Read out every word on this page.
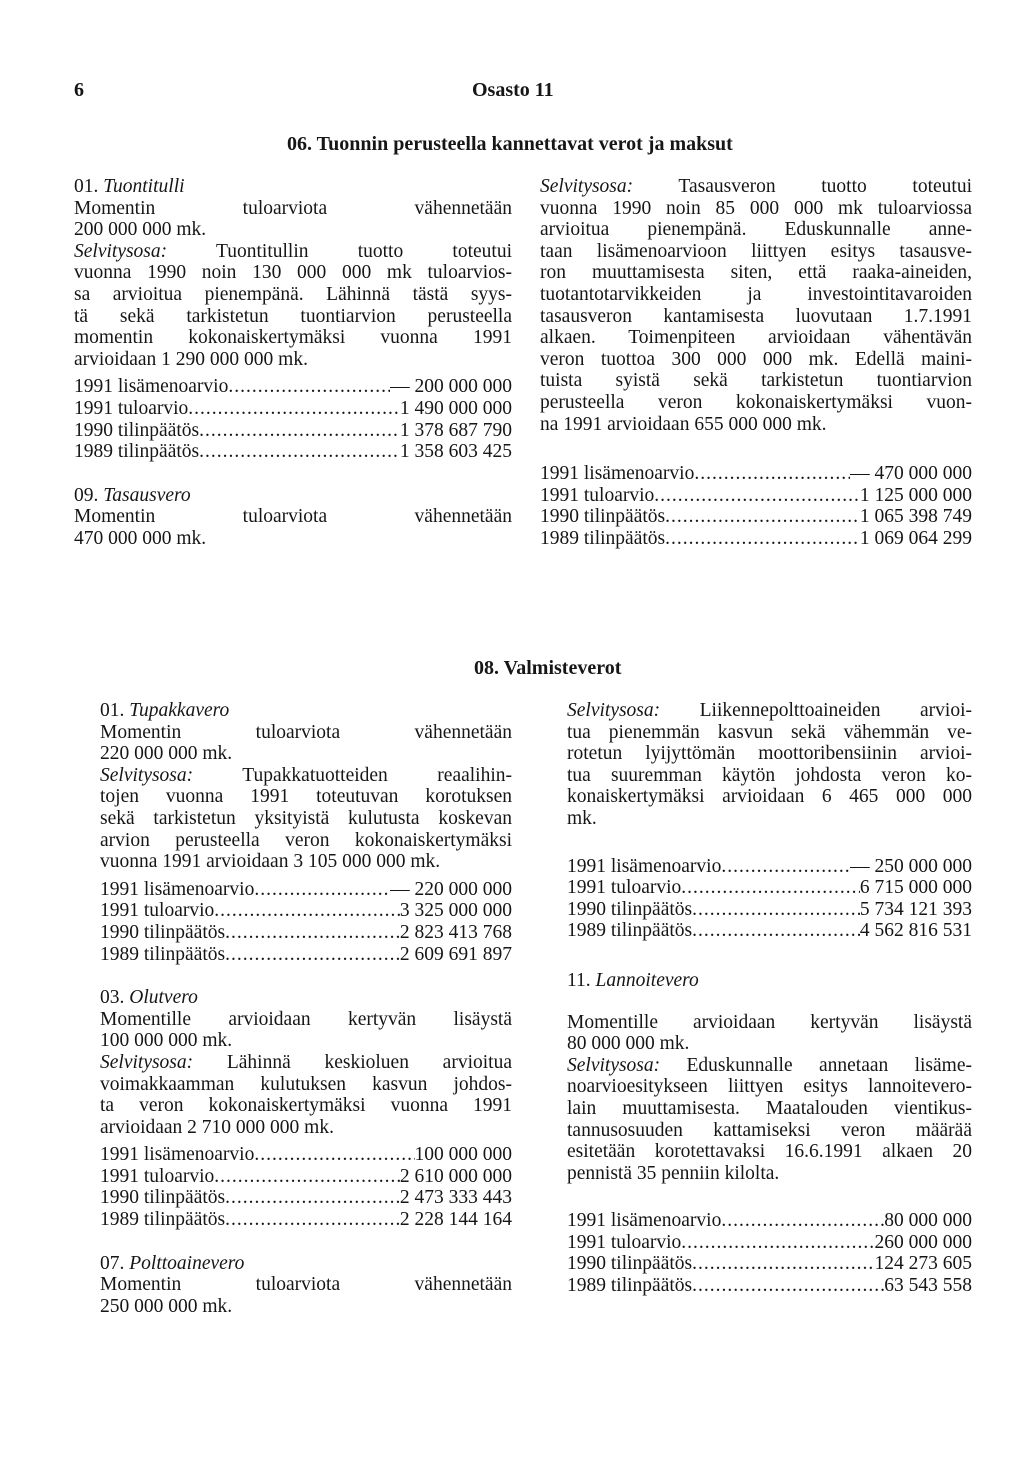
6	Osasto 11
06. Tuonnin perusteella kannettavat verot ja maksut

01. Tuontitulli

Momentin	tuloarviota	vähennetään

200 000 000 mk.

Selvitysosa: Tuontitullin tuotto toteutui

vuonna 1990 noin 130 000 000 mk tuloarvios-

sa arvioitua pienempänä. Lähinnä tästä syys-

tä sekä tarkistetun tuontiarvion perusteella

momentin kokonaiskertymäksi vuonna 1991

arvioidaan 1 290 000 000 mk.

1991 lisämenoarvio .....	— 200 000 000
1991 tuloarvio .....	1 490 000 000
1990 tilinpäätös .....	1 378 687 790
1989 tilinpäätös .....	1 358 603 425

09. Tasausvero

Momentin	tuloarviota	vähennetään

470 000 000 mk.

Selvitysosa: Tasausveron tuotto toteutui

vuonna 1990 noin 85 000 000 mk tuloarviossa

arvioitua pienempänä. Eduskunnalle anne-

taan lisämenoarvioon liittyen esitys tasausve-

ron muuttamisesta siten, että raaka-aineiden,

tuotantotarvikkeiden ja investointitavaroiden

tasausveron kantamisesta luovutaan 1.7.1991

alkaen. Toimenpiteen arvioidaan vähentävän

veron tuottoa 300 000 000 mk. Edellä maini-

tuista syistä sekä tarkistetun tuontiarvion

perusteella veron kokonaiskertymäksi vuon-

na 1991 arvioidaan 655 000 000 mk.

1991 lisämenoarvio .....	— 470 000 000
1991 tuloarvio .....	1 125 000 000
1990 tilinpäätös .....	1 065 398 749
1989 tilinpäätös .....	1 069 064 299
08. Valmisteverot

01. Tupakkavero

Momentin	tuloarviota	vähennetään

220 000 000 mk.

Selvitysosa: Tupakkatuotteiden reaalihin-

tojen vuonna 1991 toteutuvan korotuksen

sekä tarkistetun yksityistä kulutusta koskevan

arvion perusteella veron kokonaiskertymäksi

vuonna 1991 arvioidaan 3 105 000 000 mk.

1991 lisämenoarvio .....	— 220 000 000
1991 tuloarvio .....	3 325 000 000
1990 tilinpäätös .....	2 823 413 768
1989 tilinpäätös .....	2 609 691 897

03. Olutvero

Momentille arvioidaan kertyvän lisäystä

100 000 000 mk.

Selvitysosa: Lähinnä keskioluen arvioitua

voimakkaamman kulutuksen kasvun johdos-

ta veron kokonaiskertymäksi vuonna 1991

arvioidaan 2 710 000 000 mk.

1991 lisämenoarvio .....	100 000 000
1991 tuloarvio .....	2 610 000 000
1990 tilinpäätös .....	2 473 333 443
1989 tilinpäätös .....	2 228 144 164

07. Polttoainevero

Momentin	tuloarviota	vähennetään

250 000 000 mk.

Selvitysosa: Liikennepolttoaineiden arvioi-

tua pienemmän kasvun sekä vähemmän ve-

rotetun lyijyttömän moottoribensiinin arvioi-

tua suuremman käytön johdosta veron ko-

konaiskertymäksi arvioidaan 6 465 000 000

mk.

1991 lisämenoarvio .....	— 250 000 000
1991 tuloarvio .....	6 715 000 000
1990 tilinpäätös .....	5 734 121 393
1989 tilinpäätös .....	4 562 816 531

11. Lannoitevero

Momentille arvioidaan kertyvän lisäystä

80 000 000 mk.

Selvitysosa: Eduskunnalle annetaan lisäme-

noarvioesitykseen liittyen esitys lannoitevero-

lain muuttamisesta. Maatalouden vientikus-

tannusosuuden kattamiseksi veron määrää

esitetään korotettavaksi 16.6.1991 alkaen 20

pennistä 35 penniin kilolta.

1991 lisämenoarvio .....	80 000 000
1991 tuloarvio .....	260 000 000
1990 tilinpäätös .....	124 273 605
1989 tilinpäätös .....	63 543 558
